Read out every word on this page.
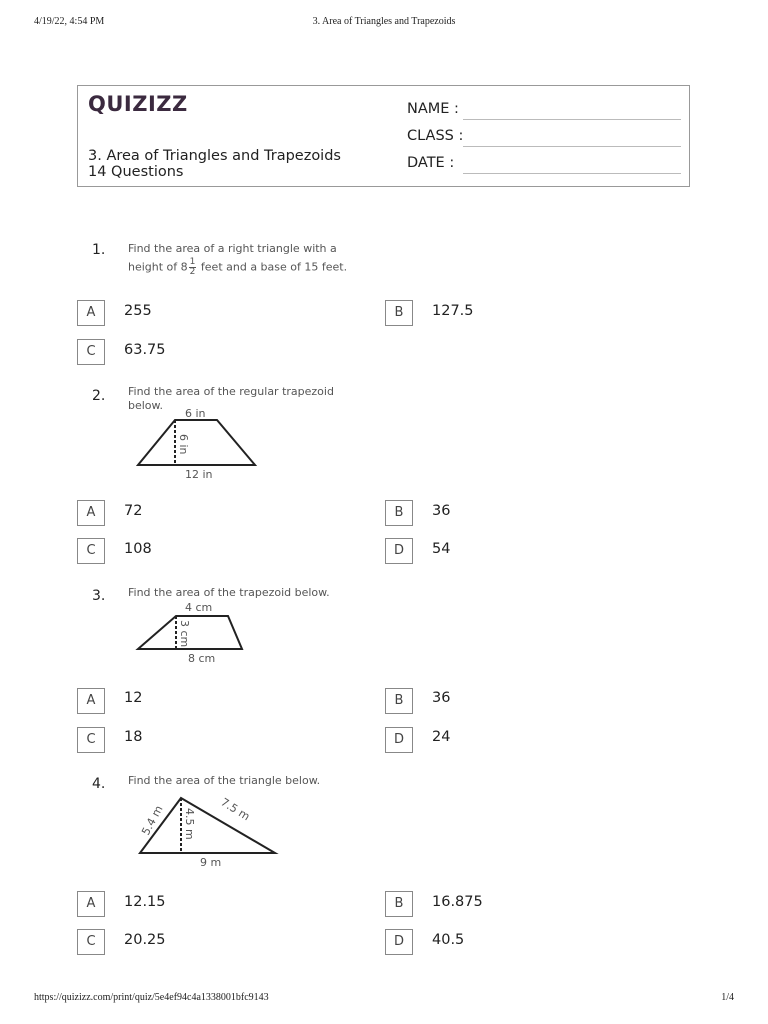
4/19/22, 4:54 PM	3. Area of Triangles and Trapezoids
https://quizizz.com/print/quiz/5e4ef94c4a1338001bfc9143	1/4
QUIZIZZ
3. Area of Triangles and Trapezoids
14 Questions
NAME :
CLASS :
DATE :
1. Find the area of a right triangle with a
height of $8 \frac{1}{2}$ feet and a base of 15 feet.
A	255	B	127.5
C	63.75
2. Find the area of the regular trapezoid
below.
6 in
6 in
12 in
A	72	B	36
C	108	D	54
3. Find the area of the trapezoid below.
4 cm
3 cm
8 cm
A	12	B	36
C	18	D	24
4. Find the area of the triangle below.
5.4 m 4.5 m 7.5 m
9 m
A	12.15	B	16.875
C	20.25	D	40.5
